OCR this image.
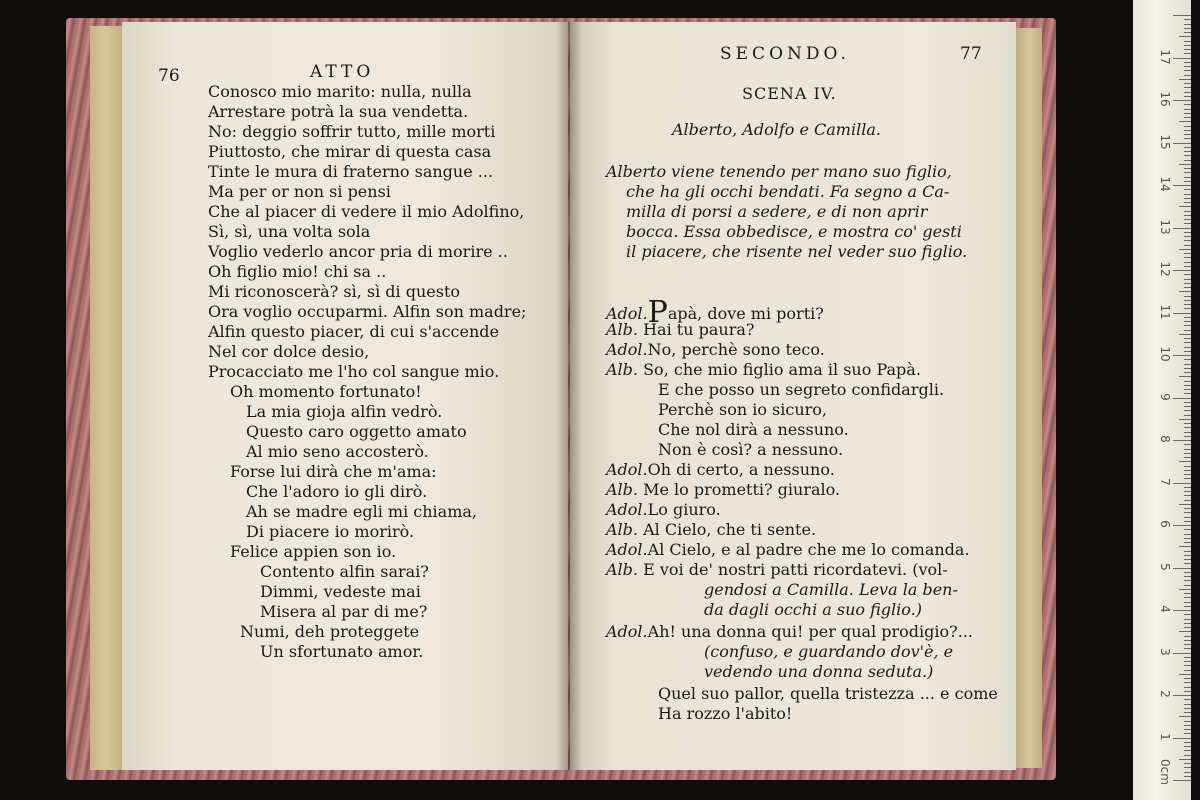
76	ATTO
Conosco mio marito: nulla, nulla
Arrestare potrà la sua vendetta.
No: deggio soffrir tutto, mille morti
Piuttosto, che mirar di questa casa
Tinte le mura di fraterno sangue ...
Ma per or non si pensi
Che al piacer di vedere il mio Adolfino,
Sì, sì, una volta sola
Voglio vederlo ancor pria di morire ..
Oh figlio mio! chi sa ..
Mi riconoscerà? sì, sì di questo
Ora voglio occuparmi. Alfin son madre;
Alfin questo piacer, di cui s'accende
Nel cor dolce desio,
Procacciato me l'ho col sangue mio.
Oh momento fortunato!
La mia gioja alfin vedrò.
Questo caro oggetto amato
Al mio seno accosterò.
Forse lui dirà che m'ama:
Che l'adoro io gli dirò.
Ah se madre egli mi chiama,
Di piacere io morirò.
Felice appien son io.
Contento alfin sarai?
Dimmi, vedeste mai
Misera al par di me?
Numi, deh proteggete
Un sfortunato amor.
SECONDO.	77
SCENA IV.
Alberto, Adolfo e Camilla.
Alberto viene tenendo per mano suo figlio,
che ha gli occhi bendati. Fa segno a Ca-
milla di porsi a sedere, e di non aprir
bocca. Essa obbedisce, e mostra co' gesti
il piacere, che risente nel veder suo figlio.
Adol.Papà, dove mi porti?
Alb. Hai tu paura?
Adol.No, perchè sono teco.
Alb. So, che mio figlio ama il suo Papà.
E che posso un segreto confidargli.
Perchè son io sicuro,
Che nol dirà a nessuno.
Non è così? a nessuno.
Adol.Oh di certo, a nessuno.
Alb. Me lo prometti? giuralo.
Adol.Lo giuro.
Alb. Al Cielo, che ti sente.
Adol.Al Cielo, e al padre che me lo comanda.
Alb. E voi de' nostri patti ricordatevi. (vol-
gendosi a Camilla. Leva la ben-
da dagli occhi a suo figlio.)
Adol.Ah! una donna qui! per qual prodigio?...
(confuso, e guardando dov'è, e
vedendo una donna seduta.)
Quel suo pallor, quella tristezza ... e come
Ha rozzo l'abito!
0cm
1
2
3
4
5
6
7
8
9
10
11
12
13
14
15
16
17
